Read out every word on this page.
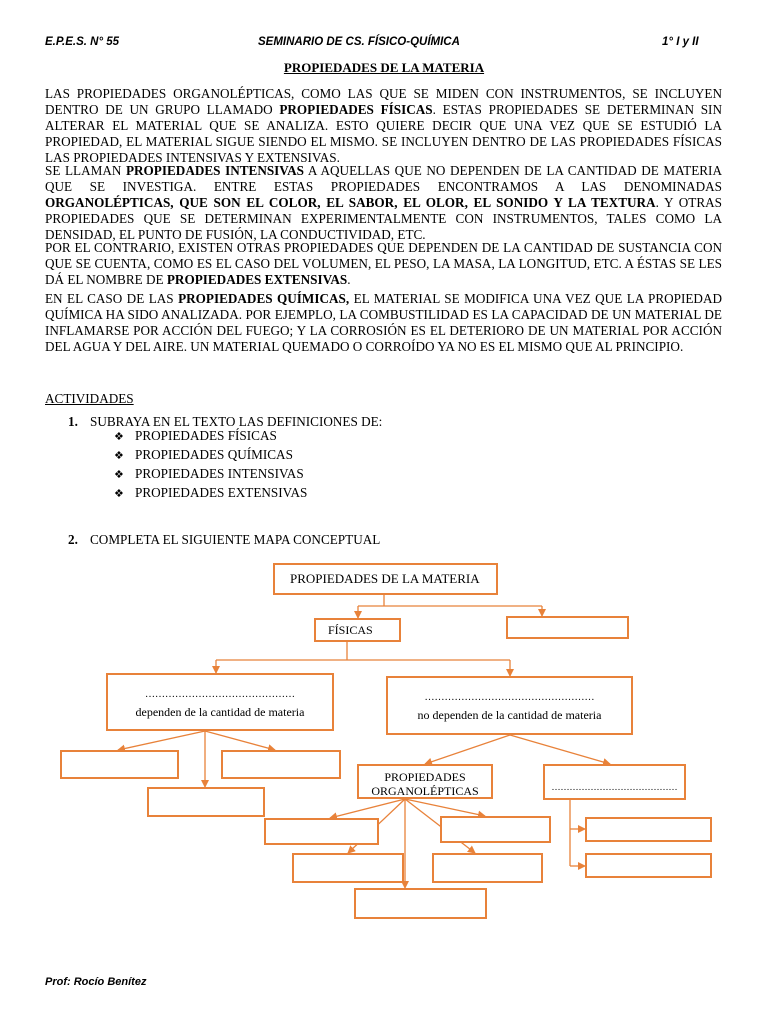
E.P.E.S. N° 55	SEMINARIO DE CS. FÍSICO-QUÍMICA	1° I y II
PROPIEDADES DE LA MATERIA

LAS PROPIEDADES ORGANOLÉPTICAS, COMO LAS QUE SE MIDEN CON INSTRUMENTOS, SE INCLUYEN DENTRO DE UN GRUPO LLAMADO PROPIEDADES FÍSICAS. ESTAS PROPIEDADES SE DETERMINAN SIN ALTERAR EL MATERIAL QUE SE ANALIZA. ESTO QUIERE DECIR QUE UNA VEZ QUE SE ESTUDIÓ LA PROPIEDAD, EL MATERIAL SIGUE SIENDO EL MISMO. SE INCLUYEN DENTRO DE LAS PROPIEDADES FÍSICAS LAS PROPIEDADES INTENSIVAS Y EXTENSIVAS.

SE LLAMAN PROPIEDADES INTENSIVAS A AQUELLAS QUE NO DEPENDEN DE LA CANTIDAD DE MATERIA QUE SE INVESTIGA. ENTRE ESTAS PROPIEDADES ENCONTRAMOS A LAS DENOMINADAS ORGANOLÉPTICAS, QUE SON EL COLOR, EL SABOR, EL OLOR, EL SONIDO Y LA TEXTURA. Y OTRAS PROPIEDADES QUE SE DETERMINAN EXPERIMENTALMENTE CON INSTRUMENTOS, TALES COMO LA DENSIDAD, EL PUNTO DE FUSIÓN, LA CONDUCTIVIDAD, ETC.

POR EL CONTRARIO, EXISTEN OTRAS PROPIEDADES QUE DEPENDEN DE LA CANTIDAD DE SUSTANCIA CON QUE SE CUENTA, COMO ES EL CASO DEL VOLUMEN, EL PESO, LA MASA, LA LONGITUD, ETC. A ÉSTAS SE LES DÁ EL NOMBRE DE PROPIEDADES EXTENSIVAS.

EN EL CASO DE LAS PROPIEDADES QUÍMICAS, EL MATERIAL SE MODIFICA UNA VEZ QUE LA PROPIEDAD QUÍMICA HA SIDO ANALIZADA. POR EJEMPLO, LA COMBUSTILIDAD ES LA CAPACIDAD DE UN MATERIAL DE INFLAMARSE POR ACCIÓN DEL FUEGO; Y LA CORROSIÓN ES EL DETERIORO DE UN MATERIAL POR ACCIÓN DEL AGUA Y DEL AIRE. UN MATERIAL QUEMADO O CORROÍDO YA NO ES EL MISMO QUE AL PRINCIPIO.

ACTIVIDADES
1. SUBRAYA EN EL TEXTO LAS DEFINICIONES DE:
❖ PROPIEDADES FÍSICAS
❖ PROPIEDADES QUÍMICAS
❖ PROPIEDADES INTENSIVAS
❖ PROPIEDADES EXTENSIVAS
2. COMPLETA EL SIGUIENTE MAPA CONCEPTUAL
PROPIEDADES DE LA MATERIA
FÍSICAS
………………………………………
dependen de la cantidad de materia
……………………………………………
no dependen de la cantidad de materia
PROPIEDADES
ORGANOLÉPTICAS	……………………………………
Prof: Rocío Benítez
